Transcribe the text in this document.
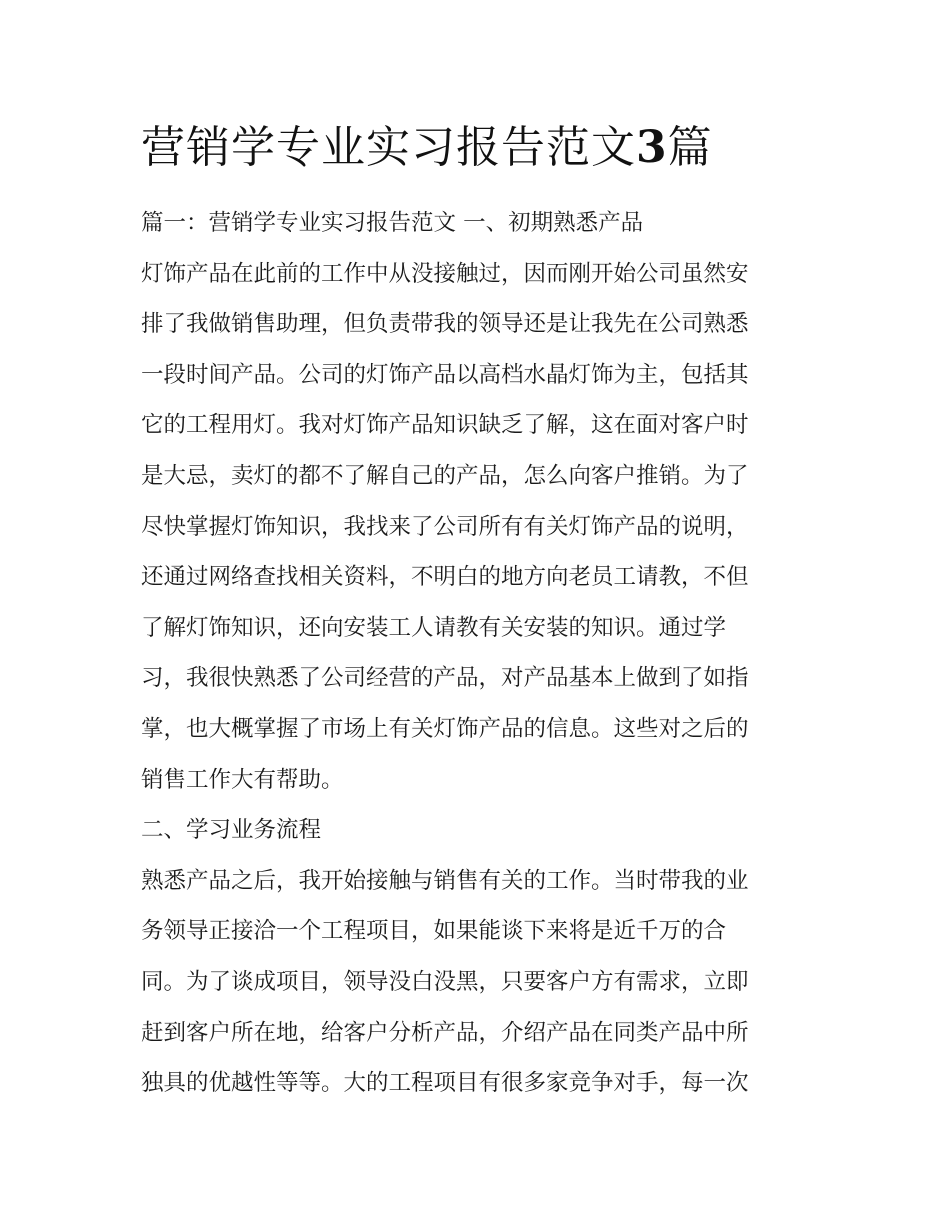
营销学专业实习报告范文3篇

篇一：营销学专业实习报告范文 一、初期熟悉产品

灯饰产品在此前的工作中从没接触过，因而刚开始公司虽然安

排了我做销售助理，但负责带我的领导还是让我先在公司熟悉

一段时间产品。公司的灯饰产品以高档水晶灯饰为主，包括其

它的工程用灯。我对灯饰产品知识缺乏了解，这在面对客户时

是大忌，卖灯的都不了解自己的产品，怎么向客户推销。为了

尽快掌握灯饰知识，我找来了公司所有有关灯饰产品的说明，

还通过网络查找相关资料，不明白的地方向老员工请教，不但

了解灯饰知识，还向安装工人请教有关安装的知识。通过学

习，我很快熟悉了公司经营的产品，对产品基本上做到了如指

掌，也大概掌握了市场上有关灯饰产品的信息。这些对之后的

销售工作大有帮助。

二、学习业务流程

熟悉产品之后，我开始接触与销售有关的工作。当时带我的业

务领导正接洽一个工程项目，如果能谈下来将是近千万的合

同。为了谈成项目，领导没白没黑，只要客户方有需求，立即

赶到客户所在地，给客户分析产品，介绍产品在同类产品中所

独具的优越性等等。大的工程项目有很多家竞争对手，每一次
